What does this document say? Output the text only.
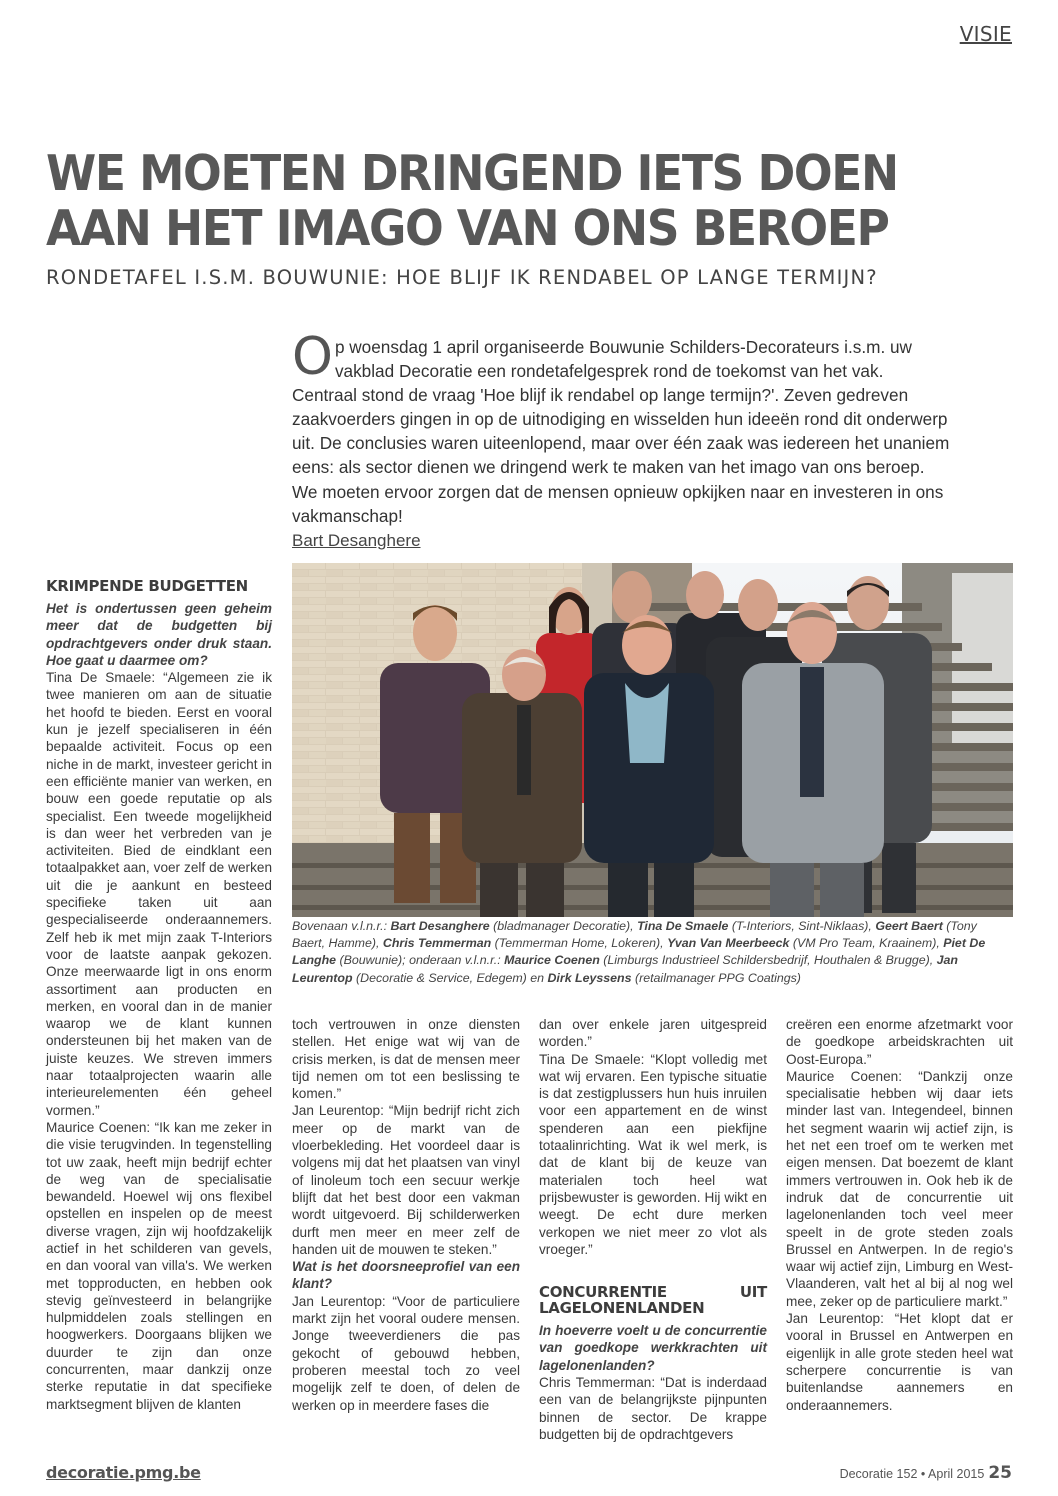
VISIE
WE MOETEN DRINGEND IETS DOEN
AAN HET IMAGO VAN ONS BEROEP
RONDETAFEL I.S.M. BOUWUNIE: HOE BLIJF IK RENDABEL OP LANGE TERMIJN?
Op woensdag 1 april organiseerde Bouwunie Schilders-Decorateurs i.s.m. uw vakblad Decoratie een rondetafelgesprek rond de toekomst van het vak. Centraal stond de vraag 'Hoe blijf ik rendabel op lange termijn?'. Zeven gedreven zaakvoerders gingen in op de uitnodiging en wisselden hun ideeën rond dit onderwerp uit. De conclusies waren uiteenlopend, maar over één zaak was iedereen het unaniem eens: als sector dienen we dringend werk te maken van het imago van ons beroep. We moeten ervoor zorgen dat de mensen opnieuw opkijken naar en investeren in ons vakmanschap!
Bart Desanghere
Bovenaan v.l.n.r.: Bart Desanghere (bladmanager Decoratie), Tina De Smaele (T-Interiors, Sint-Niklaas), Geert Baert (Tony Baert, Hamme), Chris Temmerman (Temmerman Home, Lokeren), Yvan Van Meerbeeck (VM Pro Team, Kraainem), Piet De Langhe (Bouwunie); onderaan v.l.n.r.: Maurice Coenen (Limburgs Industrieel Schildersbedrijf, Houthalen & Brugge), Jan Leurentop (Decoratie & Service, Edegem) en Dirk Leyssens (retailmanager PPG Coatings)
KRIMPENDE BUDGETTEN

Het is ondertussen geen geheim meer dat de budgetten bij opdrachtgevers onder druk staan. Hoe gaat u daarmee om?

Tina De Smaele: “Algemeen zie ik twee manieren om aan de situatie het hoofd te bieden. Eerst en vooral kun je jezelf specialiseren in één bepaalde activiteit. Focus op een niche in de markt, investeer gericht in een efficiënte manier van werken, en bouw een goede reputatie op als specialist. Een tweede mogelijkheid is dan weer het verbreden van je activiteiten. Bied de eindklant een totaalpakket aan, voer zelf de werken uit die je aankunt en besteed specifieke taken uit aan gespecialiseerde onderaannemers. Zelf heb ik met mijn zaak T-Interiors voor de laatste aanpak gekozen. Onze meerwaarde ligt in ons enorm assortiment aan producten en merken, en vooral dan in de manier waarop we de klant kunnen ondersteunen bij het maken van de juiste keuzes. We streven immers naar totaalprojecten waarin alle interieurelementen één geheel vormen.”

Maurice Coenen: “Ik kan me zeker in die visie terugvinden. In tegenstelling tot uw zaak, heeft mijn bedrijf echter de weg van de specialisatie bewandeld. Hoewel wij ons flexibel opstellen en inspelen op de meest diverse vragen, zijn wij hoofdzakelijk actief in het schilderen van gevels, en dan vooral van villa's. We werken met topproducten, en hebben ook stevig geïnvesteerd in belangrijke hulpmiddelen zoals stellingen en hoogwerkers. Doorgaans blijken we duurder te zijn dan onze concurrenten, maar dankzij onze sterke reputatie in dat specifieke marktsegment blijven de klanten

toch vertrouwen in onze diensten stellen. Het enige wat wij van de crisis merken, is dat de mensen meer tijd nemen om tot een beslissing te komen.”

Jan Leurentop: “Mijn bedrijf richt zich meer op de markt van de vloerbekleding. Het voordeel daar is volgens mij dat het plaatsen van vinyl of linoleum toch een secuur werkje blijft dat het best door een vakman wordt uitgevoerd. Bij schilderwerken durft men meer en meer zelf de handen uit de mouwen te steken.”

Wat is het doorsneeprofiel van een klant?

Jan Leurentop: “Voor de particuliere markt zijn het vooral oudere mensen. Jonge tweeverdieners die pas gekocht of gebouwd hebben, proberen meestal toch zo veel mogelijk zelf te doen, of delen de werken op in meerdere fases die

dan over enkele jaren uitgespreid worden.”

Tina De Smaele: “Klopt volledig met wat wij ervaren. Een typische situatie is dat zestigplussers hun huis inruilen voor een appartement en de winst spenderen aan een piekfijne totaalinrichting. Wat ik wel merk, is dat de klant bij de keuze van materialen toch heel wat prijsbewuster is geworden. Hij wikt en weegt. De echt dure merken verkopen we niet meer zo vlot als vroeger.”

CONCURRENTIE UIT LAGELONENLANDEN

In hoeverre voelt u de concurrentie van goedkope werkkrachten uit lagelonenlanden?

Chris Temmerman: “Dat is inderdaad een van de belangrijkste pijnpunten binnen de sector. De krappe budgetten bij de opdrachtgevers

creëren een enorme afzetmarkt voor de goedkope arbeidskrachten uit Oost-Europa.”

Maurice Coenen: “Dankzij onze specialisatie hebben wij daar iets minder last van. Integendeel, binnen het segment waarin wij actief zijn, is het net een troef om te werken met eigen mensen. Dat boezemt de klant immers vertrouwen in. Ook heb ik de indruk dat de concurrentie uit lagelonenlanden toch veel meer speelt in de grote steden zoals Brussel en Antwerpen. In de regio's waar wij actief zijn, Limburg en West-Vlaanderen, valt het al bij al nog wel mee, zeker op de particuliere markt.”

Jan Leurentop: “Het klopt dat er vooral in Brussel en Antwerpen en eigenlijk in alle grote steden heel wat scherpere concurrentie is van buitenlandse aannemers en onderaannemers.

decoratie.pmg.be	Decoratie 152 • April 2015 25
